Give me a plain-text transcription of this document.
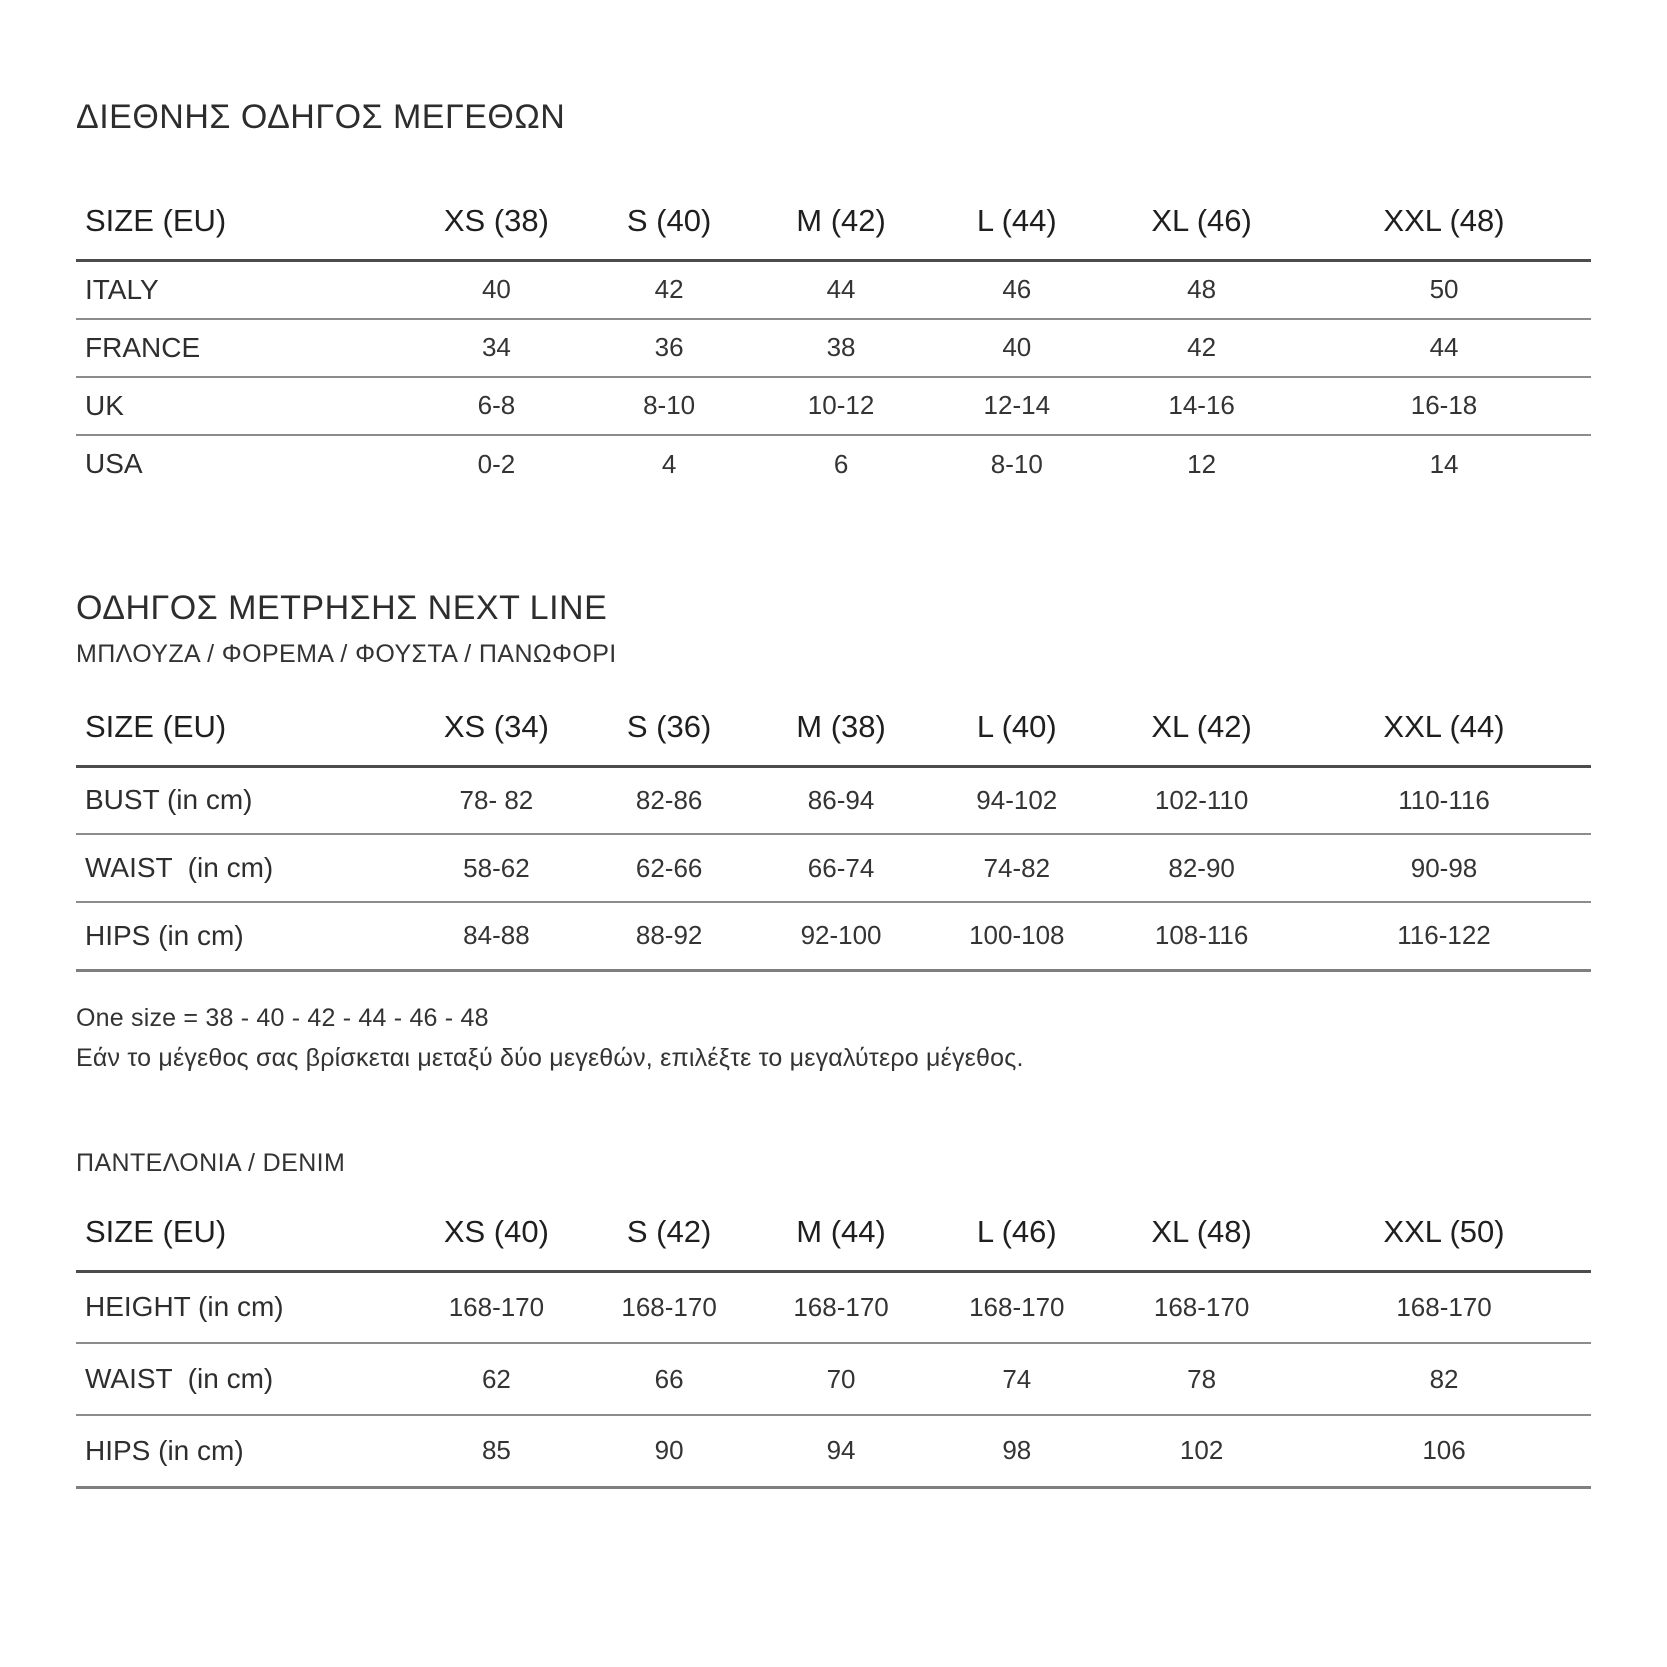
ΔΙΕΘΝΗΣ ΟΔΗΓΟΣ ΜΕΓΕΘΩΝ
SIZE (EU)	XS (38)	S (40)	M (42)	L (44)	XL (46)	XXL (48)
ITALY	40	42	44	46	48	50
FRANCE	34	36	38	40	42	44
UK	6-8	8-10	10-12	12-14	14-16	16-18
USA	0-2	4	6	8-10	12	14
ΟΔΗΓΟΣ ΜΕΤΡΗΣΗΣ NEXT LINE
ΜΠΛΟΥΖΑ / ΦΟΡΕΜΑ / ΦΟΥΣΤΑ / ΠΑΝΩΦΟΡΙ
SIZE (EU)	XS (34)	S (36)	M (38)	L (40)	XL (42)	XXL (44)
BUST (in cm)	78- 82	82-86	86-94	94-102	102-110	110-116
WAIST  (in cm)	58-62	62-66	66-74	74-82	82-90	90-98
HIPS (in cm)	84-88	88-92	92-100	100-108	108-116	116-122
One size = 38 - 40 - 42 - 44 - 46 - 48
Εάν το μέγεθος σας βρίσκεται μεταξύ δύο μεγεθών, επιλέξτε το μεγαλύτερο μέγεθος.
ΠΑΝΤΕΛΟΝΙΑ / DENIM
SIZE (EU)	XS (40)	S (42)	M (44)	L (46)	XL (48)	XXL (50)
HEIGHT (in cm)	168-170	168-170	168-170	168-170	168-170	168-170
WAIST  (in cm)	62	66	70	74	78	82
HIPS (in cm)	85	90	94	98	102	106
